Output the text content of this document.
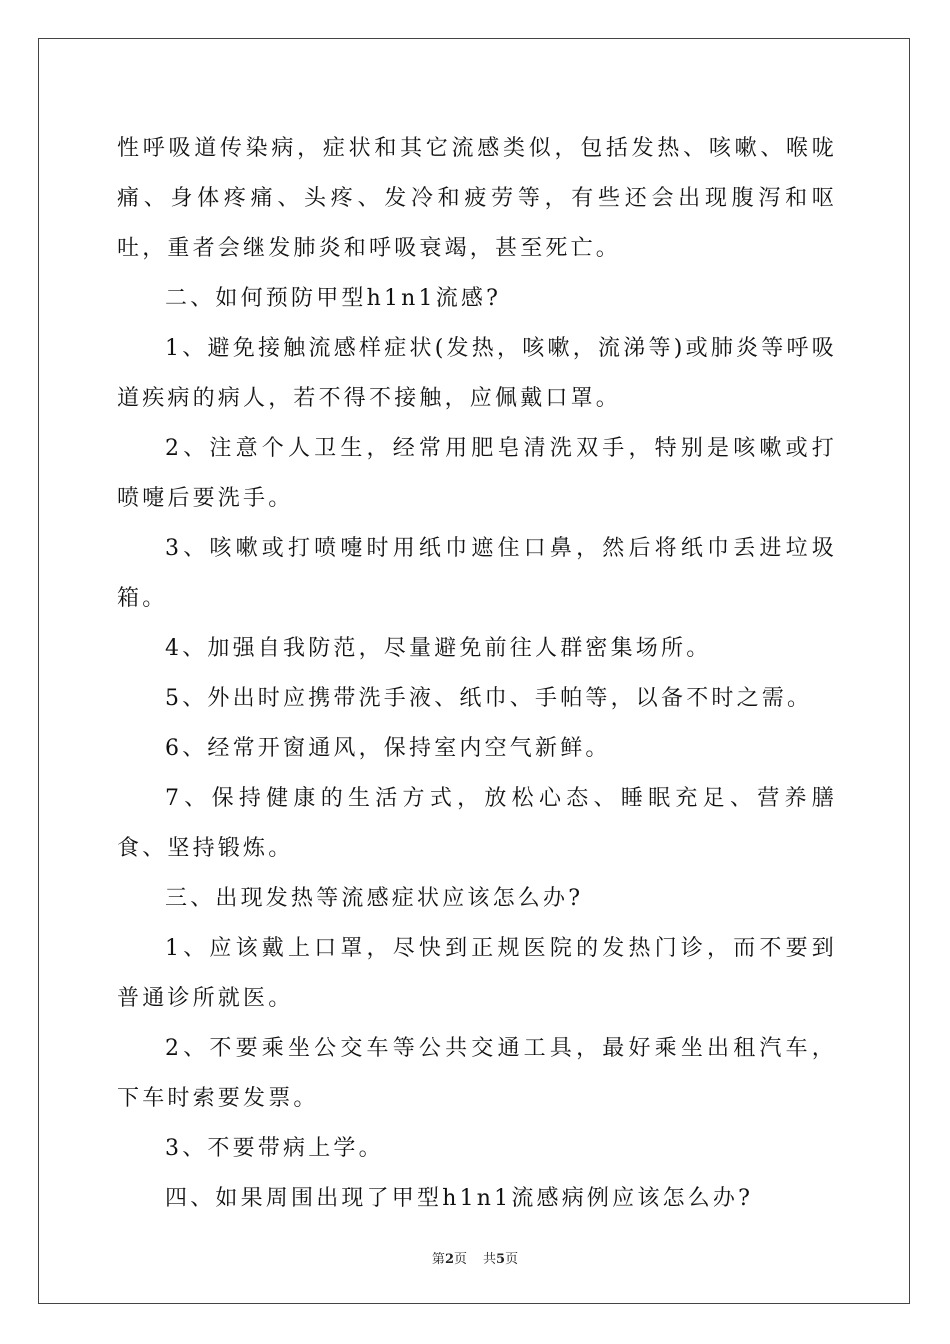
性呼吸道传染病，症状和其它流感类似，包括发热、咳嗽、喉咙痛、身体疼痛、头疼、发冷和疲劳等，有些还会出现腹泻和呕吐，重者会继发肺炎和呼吸衰竭，甚至死亡。

二、如何预防甲型h1n1流感?

1、避免接触流感样症状(发热，咳嗽，流涕等)或肺炎等呼吸道疾病的病人，若不得不接触，应佩戴口罩。

2、注意个人卫生，经常用肥皂清洗双手，特别是咳嗽或打喷嚏后要洗手。

3、咳嗽或打喷嚏时用纸巾遮住口鼻，然后将纸巾丢进垃圾箱。

4、加强自我防范，尽量避免前往人群密集场所。

5、外出时应携带洗手液、纸巾、手帕等，以备不时之需。

6、经常开窗通风，保持室内空气新鲜。

7、保持健康的生活方式，放松心态、睡眠充足、营养膳食、坚持锻炼。

三、出现发热等流感症状应该怎么办?

1、应该戴上口罩，尽快到正规医院的发热门诊，而不要到普通诊所就医。

2、不要乘坐公交车等公共交通工具，最好乘坐出租汽车，下车时索要发票。

3、不要带病上学。

四、如果周围出现了甲型h1n1流感病例应该怎么办?

第2页 共5页
